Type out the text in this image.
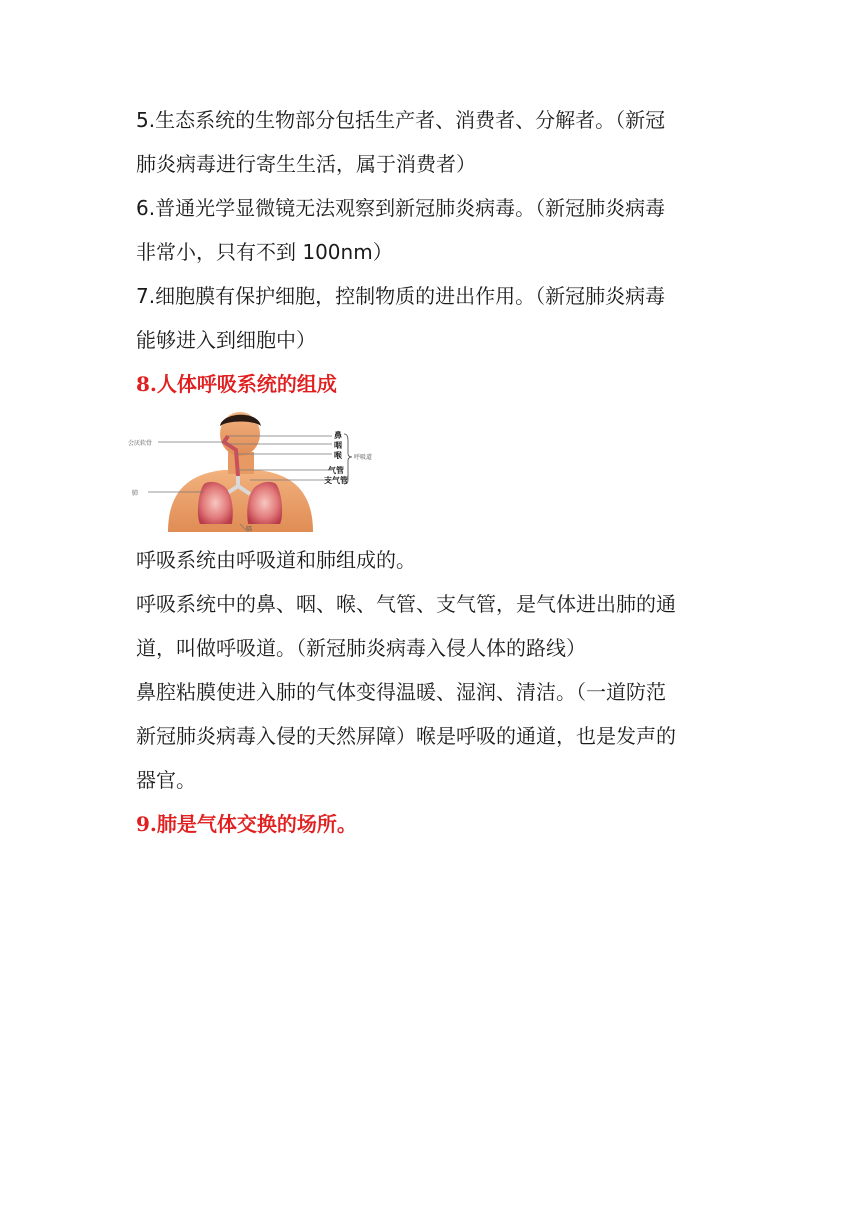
5.生态系统的生物部分包括生产者、消费者、分解者。（新冠
肺炎病毒进行寄生生活，属于消费者）

6.普通光学显微镜无法观察到新冠肺炎病毒。（新冠肺炎病毒
非常小，只有不到 100nm）

7.细胞膜有保护细胞，控制物质的进出作用。（新冠肺炎病毒
能够进入到细胞中）

8.人体呼吸系统的组成
鼻
咽
喉
气管
支气管
呼吸道
会厌软骨
肺
膈

呼吸系统由呼吸道和肺组成的。

呼吸系统中的鼻、咽、喉、气管、支气管，是气体进出肺的通
道，叫做呼吸道。（新冠肺炎病毒入侵人体的路线）

鼻腔粘膜使进入肺的气体变得温暖、湿润、清洁。（一道防范
新冠肺炎病毒入侵的天然屏障）喉是呼吸的通道，也是发声的
器官。

9.肺是气体交换的场所。
